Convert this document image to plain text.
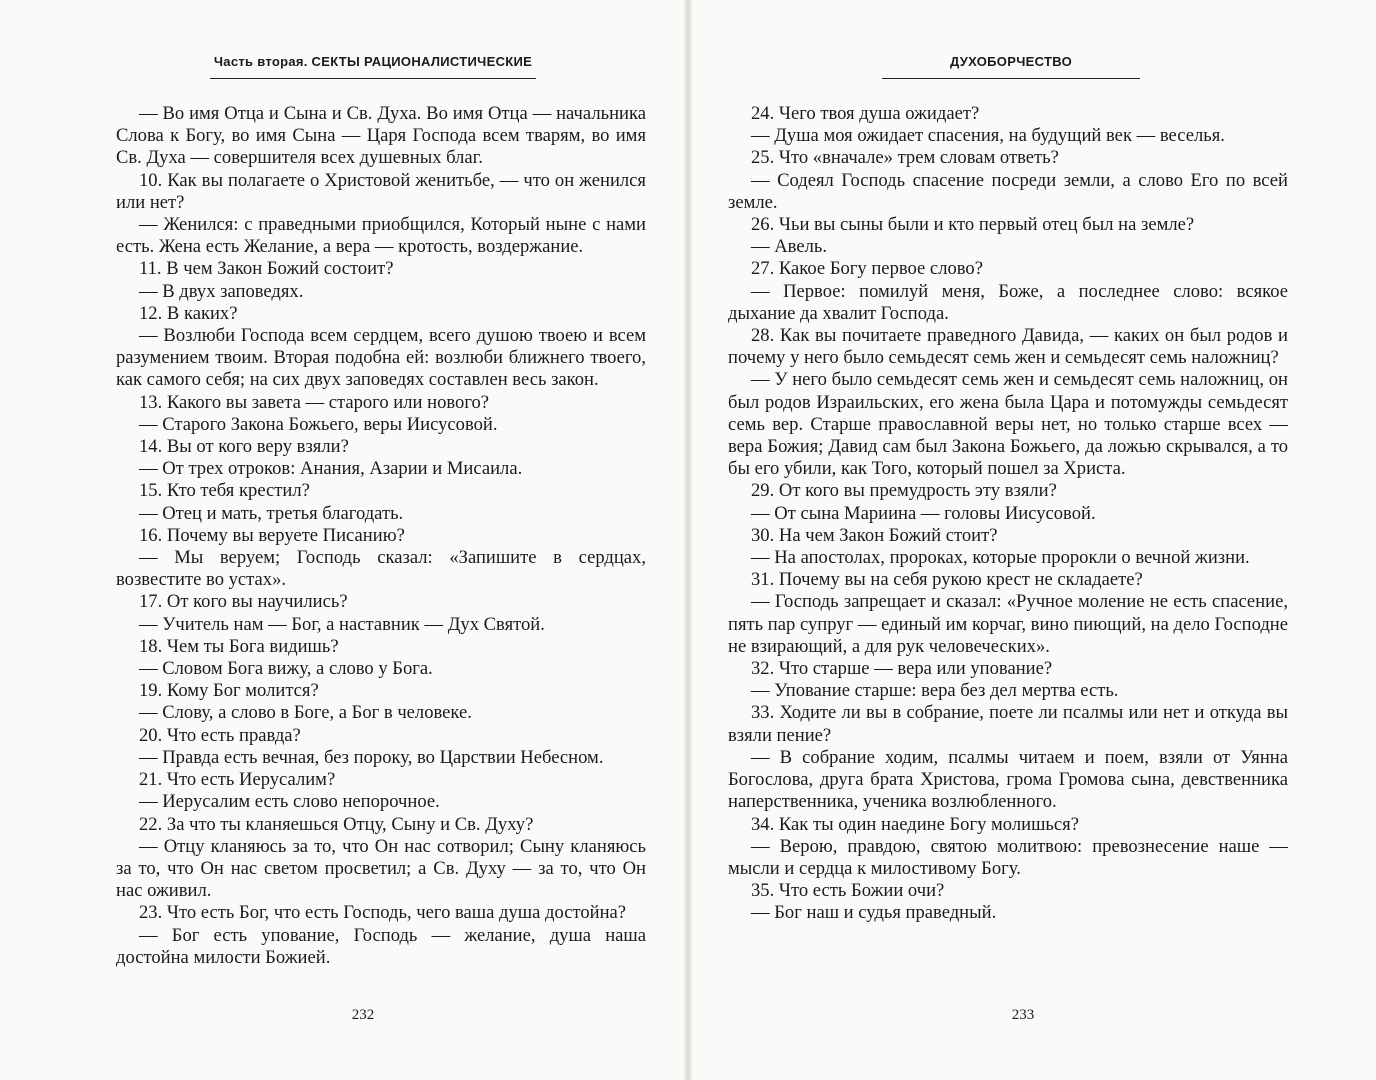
Часть вторая. СЕКТЫ РАЦИОНАЛИСТИЧЕСКИЕ

— Во имя Отца и Сына и Св. Духа. Во имя Отца — начальника Слова к Богу, во имя Сына — Царя Господа всем тварям, во имя Св. Духа — совершителя всех душевных благ.

10. Как вы полагаете о Христовой женитьбе, — что он женился или нет?

— Женился: с праведными приобщился, Который ныне с нами есть. Жена есть Желание, а вера — кротость, воздержание.

11. В чем Закон Божий состоит?

— В двух заповедях.

12. В каких?

— Возлюби Господа всем сердцем, всего душою твоею и всем разумением твоим. Вторая подобна ей: возлюби ближнего твоего, как самого себя; на сих двух заповедях составлен весь закон.

13. Какого вы завета — старого или нового?

— Старого Закона Божьего, веры Иисусовой.

14. Вы от кого веру взяли?

— От трех отроков: Анания, Азарии и Мисаила.

15. Кто тебя крестил?

— Отец и мать, третья благодать.

16. Почему вы веруете Писанию?

— Мы веруем; Господь сказал: «Запишите в сердцах, возвестите во устах».

17. От кого вы научились?

— Учитель нам — Бог, а наставник — Дух Святой.

18. Чем ты Бога видишь?

— Словом Бога вижу, а слово у Бога.

19. Кому Бог молится?

— Слову, а слово в Боге, а Бог в человеке.

20. Что есть правда?

— Правда есть вечная, без пороку, во Царствии Небесном.

21. Что есть Иерусалим?

— Иерусалим есть слово непорочное.

22. За что ты кланяешься Отцу, Сыну и Св. Духу?

— Отцу кланяюсь за то, что Он нас сотворил; Сыну кланяюсь за то, что Он нас светом просветил; а Св. Духу — за то, что Он нас оживил.

23. Что есть Бог, что есть Господь, чего ваша душа достойна?

— Бог есть упование, Господь — желание, душа наша достойна милости Божией.

232
ДУХОБОРЧЕСТВО

24. Чего твоя душа ожидает?

— Душа моя ожидает спасения, на будущий век — веселья.

25. Что «вначале» трем словам ответь?

— Содеял Господь спасение посреди земли, а слово Его по всей земле.

26. Чьи вы сыны были и кто первый отец был на земле?

— Авель.

27. Какое Богу первое слово?

— Первое: помилуй меня, Боже, а последнее слово: всякое дыхание да хвалит Господа.

28. Как вы почитаете праведного Давида, — каких он был родов и почему у него было семьдесят семь жен и семьдесят семь наложниц?

— У него было семьдесят семь жен и семьдесят семь наложниц, он был родов Израильских, его жена была Цара и потомужды семьдесят семь вер. Старше православной веры нет, но только старше всех — вера Божия; Давид сам был Закона Божьего, да ложью скрывался, а то бы его убили, как Того, который пошел за Христа.

29. От кого вы премудрость эту взяли?

— От сына Мариина — головы Иисусовой.

30. На чем Закон Божий стоит?

— На апостолах, пророках, которые пророкли о вечной жизни.

31. Почему вы на себя рукою крест не складаете?

— Господь запрещает и сказал: «Ручное моление не есть спасение, пять пар супруг — единый им корчаг, вино пиющий, на дело Господне не взирающий, а для рук человеческих».

32. Что старше — вера или упование?

— Упование старше: вера без дел мертва есть.

33. Ходите ли вы в собрание, поете ли псалмы или нет и откуда вы взяли пение?

— В собрание ходим, псалмы читаем и поем, взяли от Уянна Богослова, друга брата Христова, грома Громова сына, девственника наперственника, ученика возлюбленного.

34. Как ты один наедине Богу молишься?

— Верою, правдою, святою молитвою: превознесение наше — мысли и сердца к милостивому Богу.

35. Что есть Божии очи?

— Бог наш и судья праведный.

233
